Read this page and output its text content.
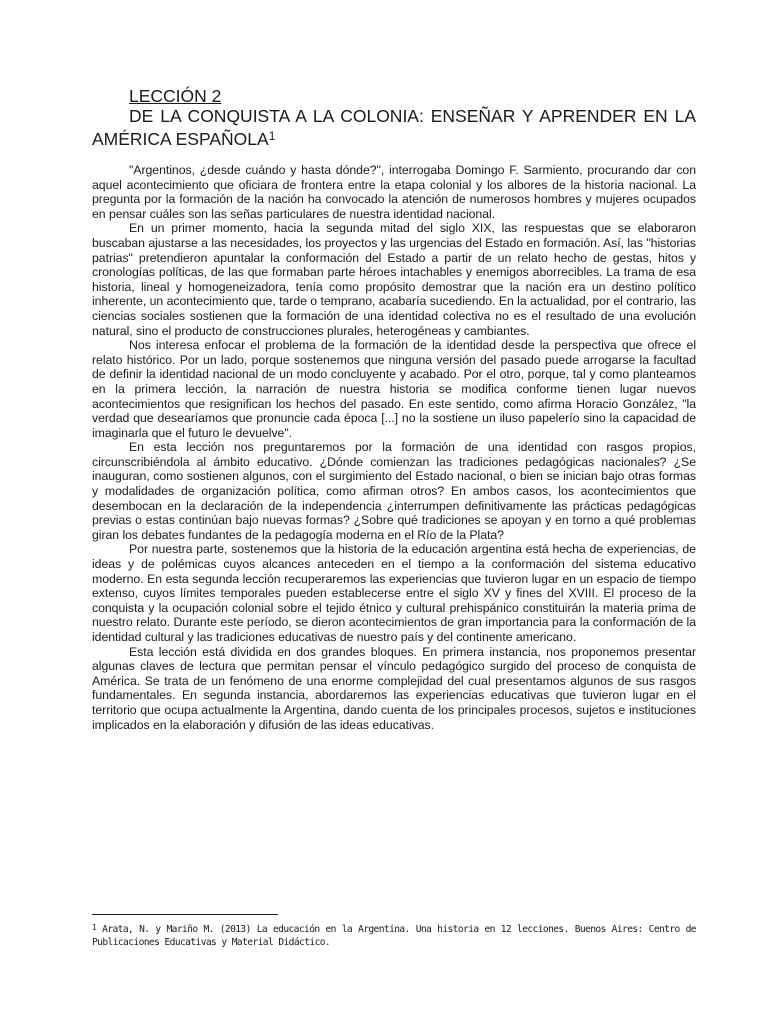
LECCIÓN 2
DE LA CONQUISTA A LA COLONIA: ENSEÑAR Y APRENDER EN LA
AMÉRICA ESPAÑOLA$^1$

"Argentinos, ¿desde cuándo y hasta dónde?", interrogaba Domingo F. Sarmiento, procurando dar con aquel acontecimiento que oficiara de frontera entre la etapa colonial y los albores de la historia nacional. La pregunta por la formación de la nación ha convocado la atención de numerosos hombres y mujeres ocupados en pensar cuáles son las señas particulares de nuestra identidad nacional.

En un primer momento, hacia la segunda mitad del siglo XIX, las respuestas que se elaboraron buscaban ajustarse a las necesidades, los proyectos y las urgencias del Estado en formación. Así, las "historias patrias" pretendieron apuntalar la conformación del Estado a partir de un relato hecho de gestas, hitos y cronologías políticas, de las que formaban parte héroes intachables y enemigos aborrecibles. La trama de esa historia, lineal y homogeneizadora, tenía como propósito demostrar que la nación era un destino político inherente, un acontecimiento que, tarde o temprano, acabaría sucediendo. En la actualidad, por el contrario, las ciencias sociales sostienen que la formación de una identidad colectiva no es el resultado de una evolución natural, sino el producto de construcciones plurales, heterogéneas y cambiantes.

Nos interesa enfocar el problema de la formación de la identidad desde la perspectiva que ofrece el relato histórico. Por un lado, porque sostenemos que ninguna versión del pasado puede arrogarse la facultad de definir la identidad nacional de un modo concluyente y acabado. Por el otro, porque, tal y como planteamos en la primera lección, la narración de nuestra historia se modifica conforme tienen lugar nuevos acontecimientos que resignifican los hechos del pasado. En este sentido, como afirma Horacio González, "la verdad que desearíamos que pronuncie cada época [...] no la sostiene un iluso papelerío sino la capacidad de imaginarla que el futuro le devuelve".

En esta lección nos preguntaremos por la formación de una identidad con rasgos propios, circunscribiéndola al ámbito educativo. ¿Dónde comienzan las tradiciones pedagógicas nacionales? ¿Se inauguran, como sostienen algunos, con el surgimiento del Estado nacional, o bien se inician bajo otras formas y modalidades de organización política, como afirman otros? En ambos casos, los acontecimientos que desembocan en la declaración de la independencia ¿interrumpen definitivamente las prácticas pedagógicas previas o estas continúan bajo nuevas formas? ¿Sobre qué tradiciones se apoyan y en torno a qué problemas giran los debates fundantes de la pedagogía moderna en el Río de la Plata?

Por nuestra parte, sostenemos que la historia de la educación argentina está hecha de experiencias, de ideas y de polémicas cuyos alcances anteceden en el tiempo a la conformación del sistema educativo moderno. En esta segunda lección recuperaremos las experiencias que tuvieron lugar en un espacio de tiempo extenso, cuyos límites temporales pueden establecerse entre el siglo XV y fines del XVIII. El proceso de la conquista y la ocupación colonial sobre el tejido étnico y cultural prehispánico constituirán la materia prima de nuestro relato. Durante este período, se dieron acontecimientos de gran importancia para la conformación de la identidad cultural y las tradiciones educativas de nuestro país y del continente americano.

Esta lección está dividida en dos grandes bloques. En primera instancia, nos proponemos presentar algunas claves de lectura que permitan pensar el vínculo pedagógico surgido del proceso de conquista de América. Se trata de un fenómeno de una enorme complejidad del cual presentamos algunos de sus rasgos fundamentales. En segunda instancia, abordaremos las experiencias educativas que tuvieron lugar en el territorio que ocupa actualmente la Argentina, dando cuenta de los principales procesos, sujetos e instituciones implicados en la elaboración y difusión de las ideas educativas.

$^1$ Arata, N. y Mariño M. (2013) La educación en la Argentina. Una historia en 12 lecciones. Buenos Aires: Centro de Publicaciones Educativas y Material Didáctico.
